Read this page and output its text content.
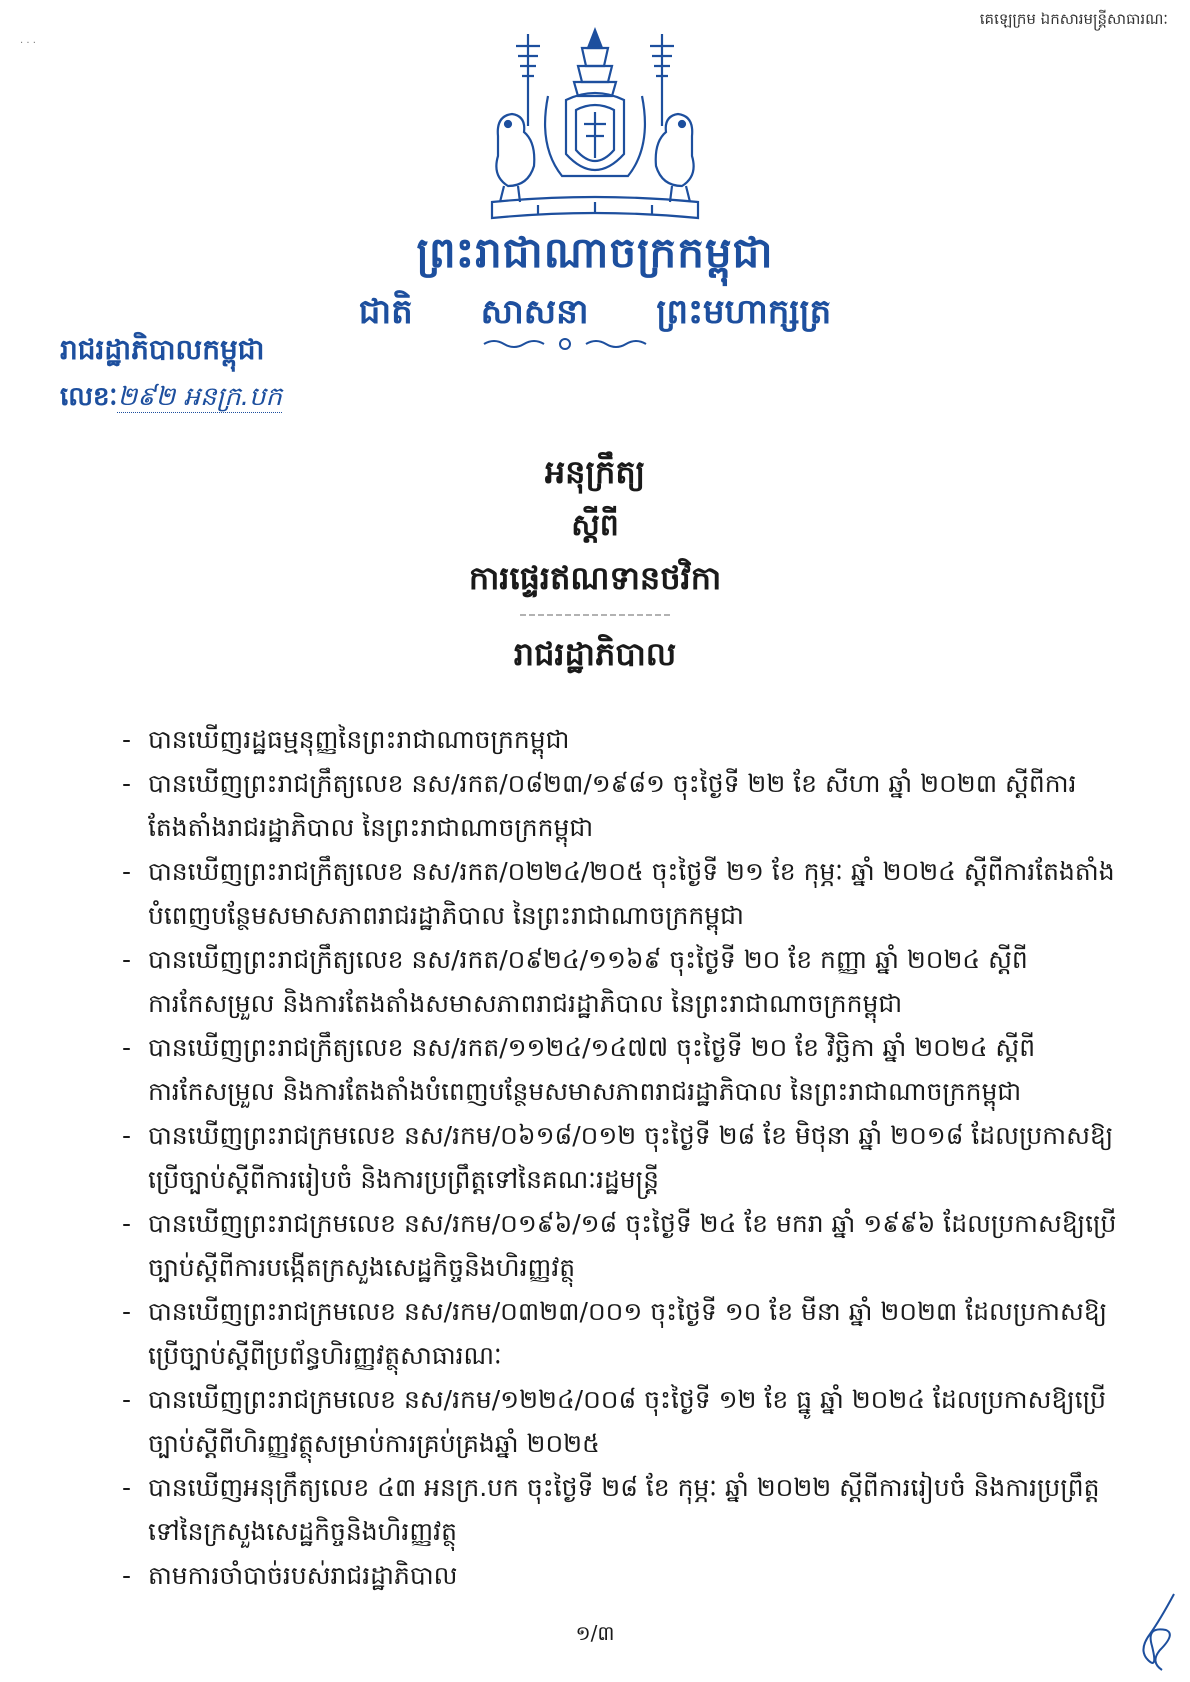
គេឡេក្រម ឯកសារមន្ត្រីសាធារណៈ
· · ·
ព្រះរាជាណាចក្រកម្ពុជា
ជាតិ សាសនា ព្រះមហាក្សត្រ
រាជរដ្ឋាភិបាលកម្ពុជា
លេខៈ២៩២ អនក្រ.បក
អនុក្រឹត្យ
ស្តីពី
ការផ្ទេរឥណទានថវិកា
រាជរដ្ឋាភិបាល
- បានឃើញរដ្ឋធម្មនុញ្ញនៃព្រះរាជាណាចក្រកម្ពុជា
- បានឃើញព្រះរាជក្រឹត្យលេខ នស/រកត/០៨២៣/១៩៨១ ចុះថ្ងៃទី ២២ ខែ សីហា ឆ្នាំ ២០២៣ ស្តីពីការតែងតាំងរាជរដ្ឋាភិបាល នៃព្រះរាជាណាចក្រកម្ពុជា
- បានឃើញព្រះរាជក្រឹត្យលេខ នស/រកត/០២២៤/២០៥ ចុះថ្ងៃទី ២១ ខែ កុម្ភៈ ឆ្នាំ ២០២៤ ស្តីពីការតែងតាំងបំពេញបន្ថែមសមាសភាពរាជរដ្ឋាភិបាល នៃព្រះរាជាណាចក្រកម្ពុជា
- បានឃើញព្រះរាជក្រឹត្យលេខ នស/រកត/០៩២៤/១១៦៩ ចុះថ្ងៃទី ២០ ខែ កញ្ញា ឆ្នាំ ២០២៤ ស្តីពីការកែសម្រួល និងការតែងតាំងសមាសភាពរាជរដ្ឋាភិបាល នៃព្រះរាជាណាចក្រកម្ពុជា
- បានឃើញព្រះរាជក្រឹត្យលេខ នស/រកត/១១២៤/១៤៧៧ ចុះថ្ងៃទី ២០ ខែ វិច្ឆិកា ឆ្នាំ ២០២៤ ស្តីពីការកែសម្រួល និងការតែងតាំងបំពេញបន្ថែមសមាសភាពរាជរដ្ឋាភិបាល នៃព្រះរាជាណាចក្រកម្ពុជា
- បានឃើញព្រះរាជក្រមលេខ នស/រកម/០៦១៨/០១២ ចុះថ្ងៃទី ២៨ ខែ មិថុនា ឆ្នាំ ២០១៨ ដែលប្រកាសឱ្យប្រើច្បាប់ស្តីពីការរៀបចំ និងការប្រព្រឹត្តទៅនៃគណៈរដ្ឋមន្ត្រី
- បានឃើញព្រះរាជក្រមលេខ នស/រកម/០១៩៦/១៨ ចុះថ្ងៃទី ២៤ ខែ មករា ឆ្នាំ ១៩៩៦ ដែលប្រកាសឱ្យប្រើច្បាប់ស្តីពីការបង្កើតក្រសួងសេដ្ឋកិច្ចនិងហិរញ្ញវត្ថុ
- បានឃើញព្រះរាជក្រមលេខ នស/រកម/០៣២៣/០០១ ចុះថ្ងៃទី ១០ ខែ មីនា ឆ្នាំ ២០២៣ ដែលប្រកាសឱ្យប្រើច្បាប់ស្តីពីប្រព័ន្ធហិរញ្ញវត្ថុសាធារណៈ
- បានឃើញព្រះរាជក្រមលេខ នស/រកម/១២២៤/០០៨ ចុះថ្ងៃទី ១២ ខែ ធ្នូ ឆ្នាំ ២០២៤ ដែលប្រកាសឱ្យប្រើច្បាប់ស្តីពីហិរញ្ញវត្ថុសម្រាប់ការគ្រប់គ្រងឆ្នាំ ២០២៥
- បានឃើញអនុក្រឹត្យលេខ ៤៣ អនក្រ.បក ចុះថ្ងៃទី ២៨ ខែ កុម្ភៈ ឆ្នាំ ២០២២ ស្តីពីការរៀបចំ និងការប្រព្រឹត្តទៅនៃក្រសួងសេដ្ឋកិច្ចនិងហិរញ្ញវត្ថុ
- តាមការចាំបាច់របស់រាជរដ្ឋាភិបាល
១/៣
